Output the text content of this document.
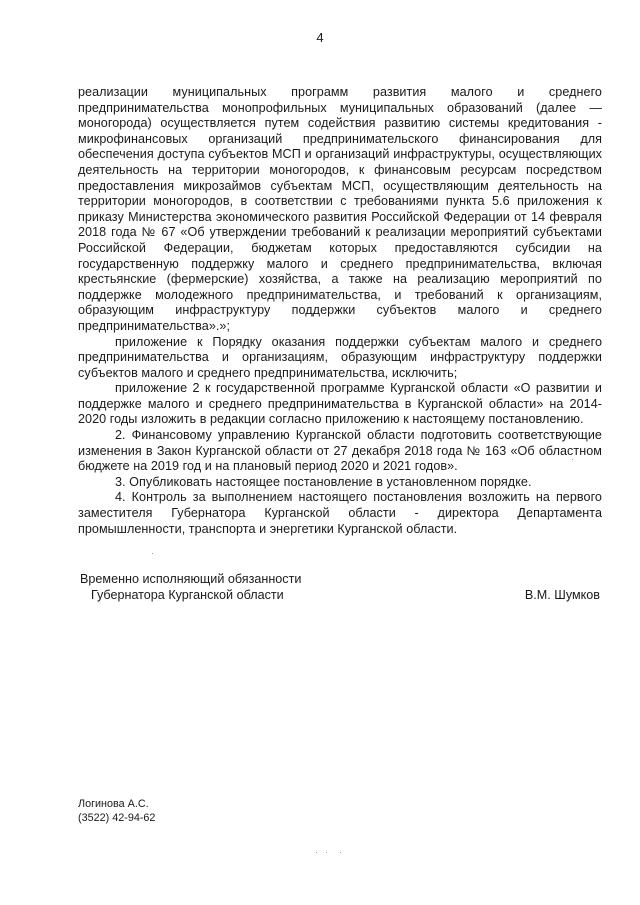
4

реализации муниципальных программ развития малого и среднего предпринимательства монопрофильных муниципальных образований (далее — моногорода) осуществляется путем содействия развитию системы кредитования - микрофинансовых организаций предпринимательского финансирования для обеспечения доступа субъектов МСП и организаций инфраструктуры, осуществляющих деятельность на территории моногородов, к финансовым ресурсам посредством предоставления микрозаймов субъектам МСП, осуществляющим деятельность на территории моногородов, в соответствии с требованиями пункта 5.6 приложения к приказу Министерства экономического развития Российской Федерации от 14 февраля 2018 года № 67 «Об утверждении требований к реализации мероприятий субъектами Российской Федерации, бюджетам которых предоставляются субсидии на государственную поддержку малого и среднего предпринимательства, включая крестьянские (фермерские) хозяйства, а также на реализацию мероприятий по поддержке молодежного предпринимательства, и требований к организациям, образующим инфраструктуру поддержки субъектов малого и среднего предпринимательства».»;

приложение к Порядку оказания поддержки субъектам малого и среднего предпринимательства и организациям, образующим инфраструктуру поддержки субъектов малого и среднего предпринимательства, исключить;

приложение 2 к государственной программе Курганской области «О развитии и поддержке малого и среднего предпринимательства в Курганской области» на 2014-2020 годы изложить в редакции согласно приложению к настоящему постановлению.

2. Финансовому управлению Курганской области подготовить соответствующие изменения в Закон Курганской области от 27 декабря 2018 года № 163 «Об областном бюджете на 2019 год и на плановый период 2020 и 2021 годов».

3. Опубликовать настоящее постановление в установленном порядке.

4. Контроль за выполнением настоящего постановления возложить на первого заместителя Губернатора Курганской области - директора Департамента промышленности, транспорта и энергетики Курганской области.

Временно исполняющий обязанности
Губернатора Курганской области	В.М. Шумков
Логинова А.С.
(3522) 42-94-62
